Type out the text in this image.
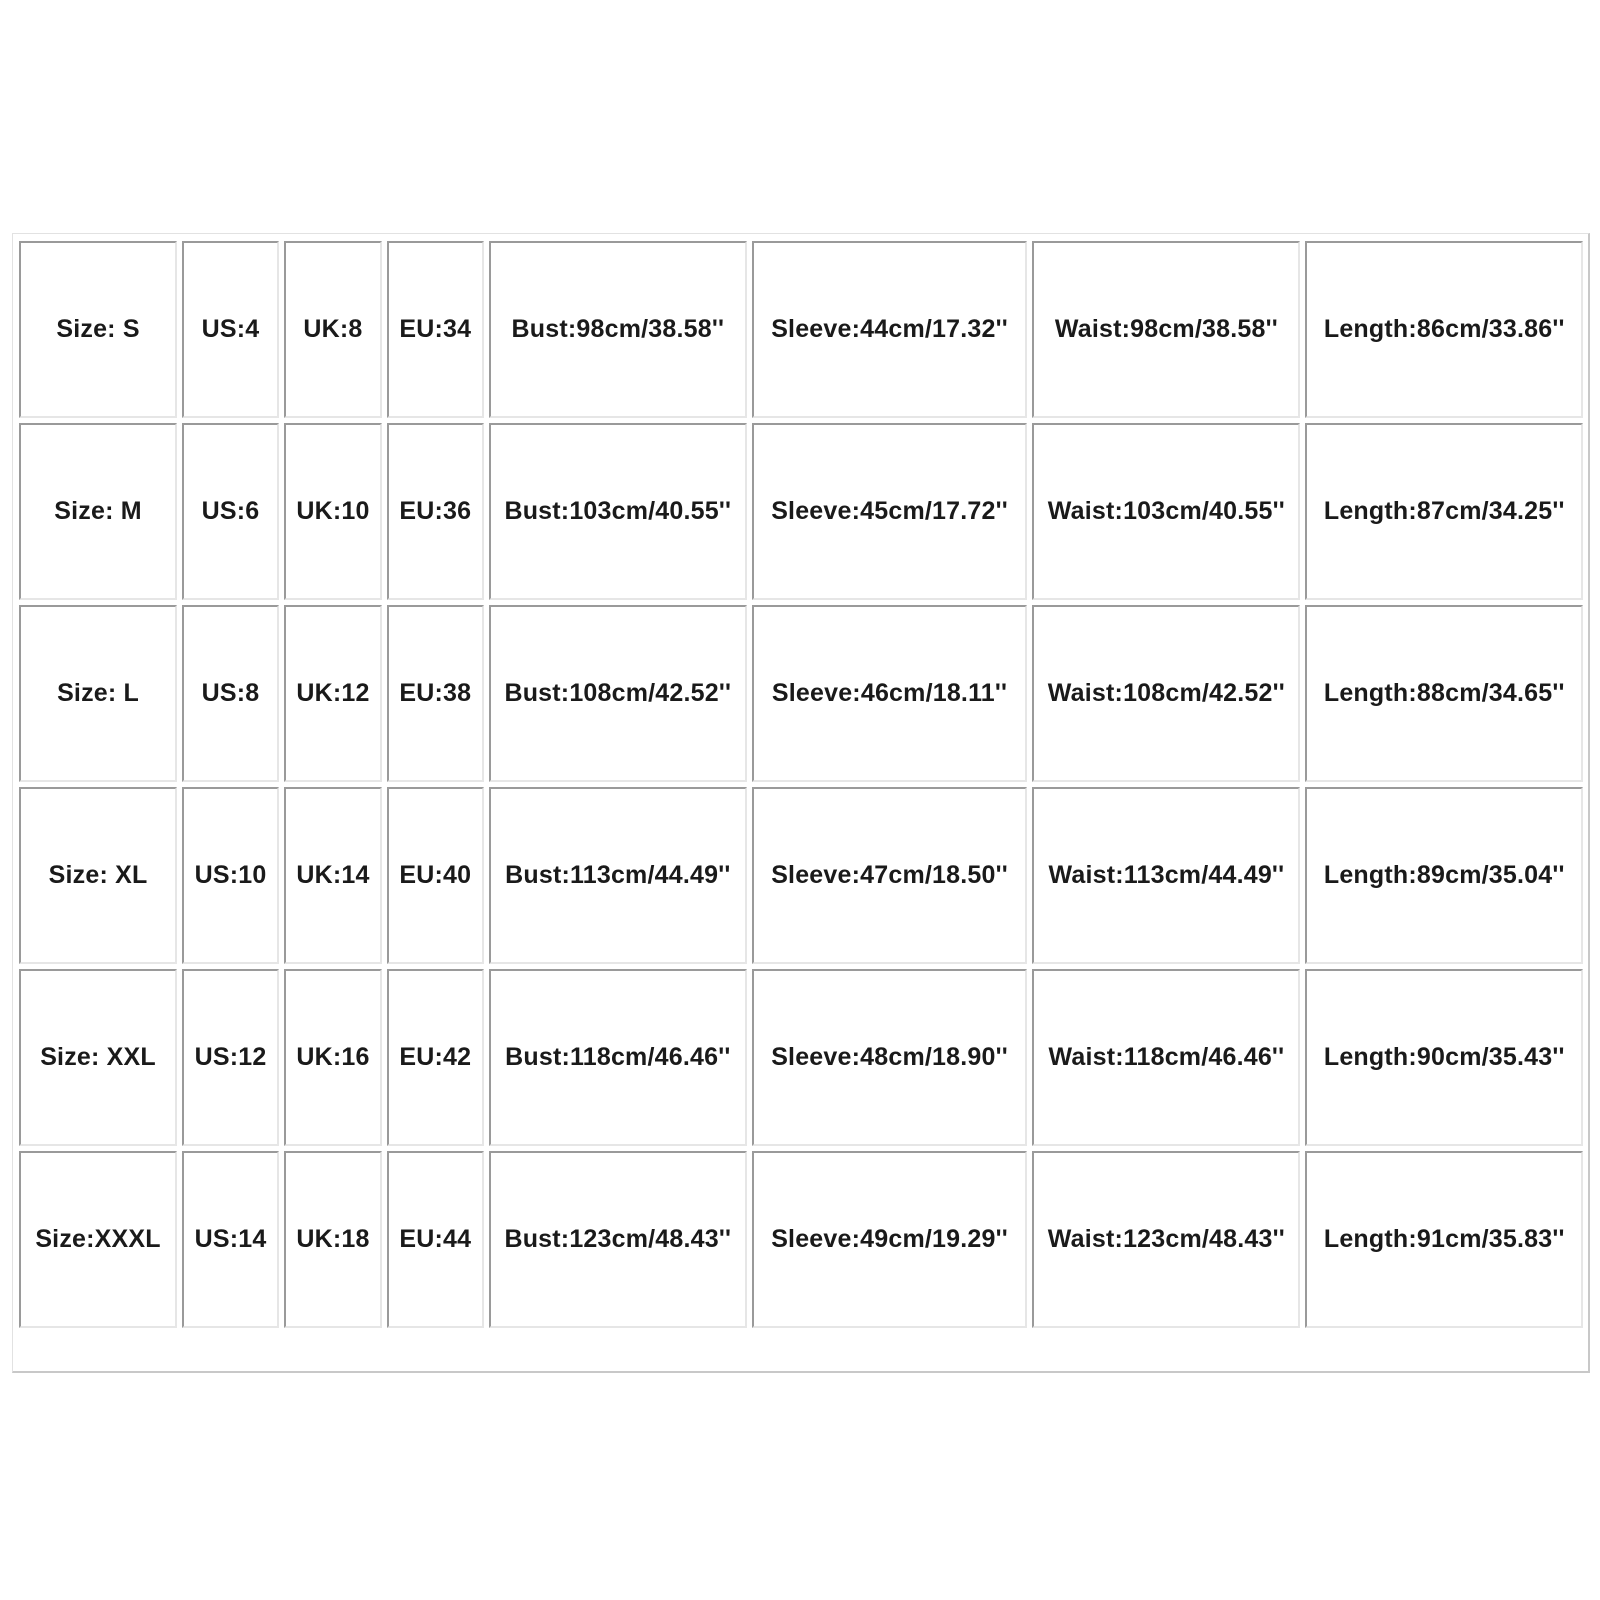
Size: S	US:4	UK:8	EU:34	Bust:98cm/38.58''	Sleeve:44cm/17.32''	Waist:98cm/38.58''	Length:86cm/33.86''
Size: M	US:6	UK:10	EU:36	Bust:103cm/40.55''	Sleeve:45cm/17.72''	Waist:103cm/40.55''	Length:87cm/34.25''
Size: L	US:8	UK:12	EU:38	Bust:108cm/42.52''	Sleeve:46cm/18.11''	Waist:108cm/42.52''	Length:88cm/34.65''
Size: XL	US:10	UK:14	EU:40	Bust:113cm/44.49''	Sleeve:47cm/18.50''	Waist:113cm/44.49''	Length:89cm/35.04''
Size: XXL	US:12	UK:16	EU:42	Bust:118cm/46.46''	Sleeve:48cm/18.90''	Waist:118cm/46.46''	Length:90cm/35.43''
Size:XXXL	US:14	UK:18	EU:44	Bust:123cm/48.43''	Sleeve:49cm/19.29''	Waist:123cm/48.43''	Length:91cm/35.83''
